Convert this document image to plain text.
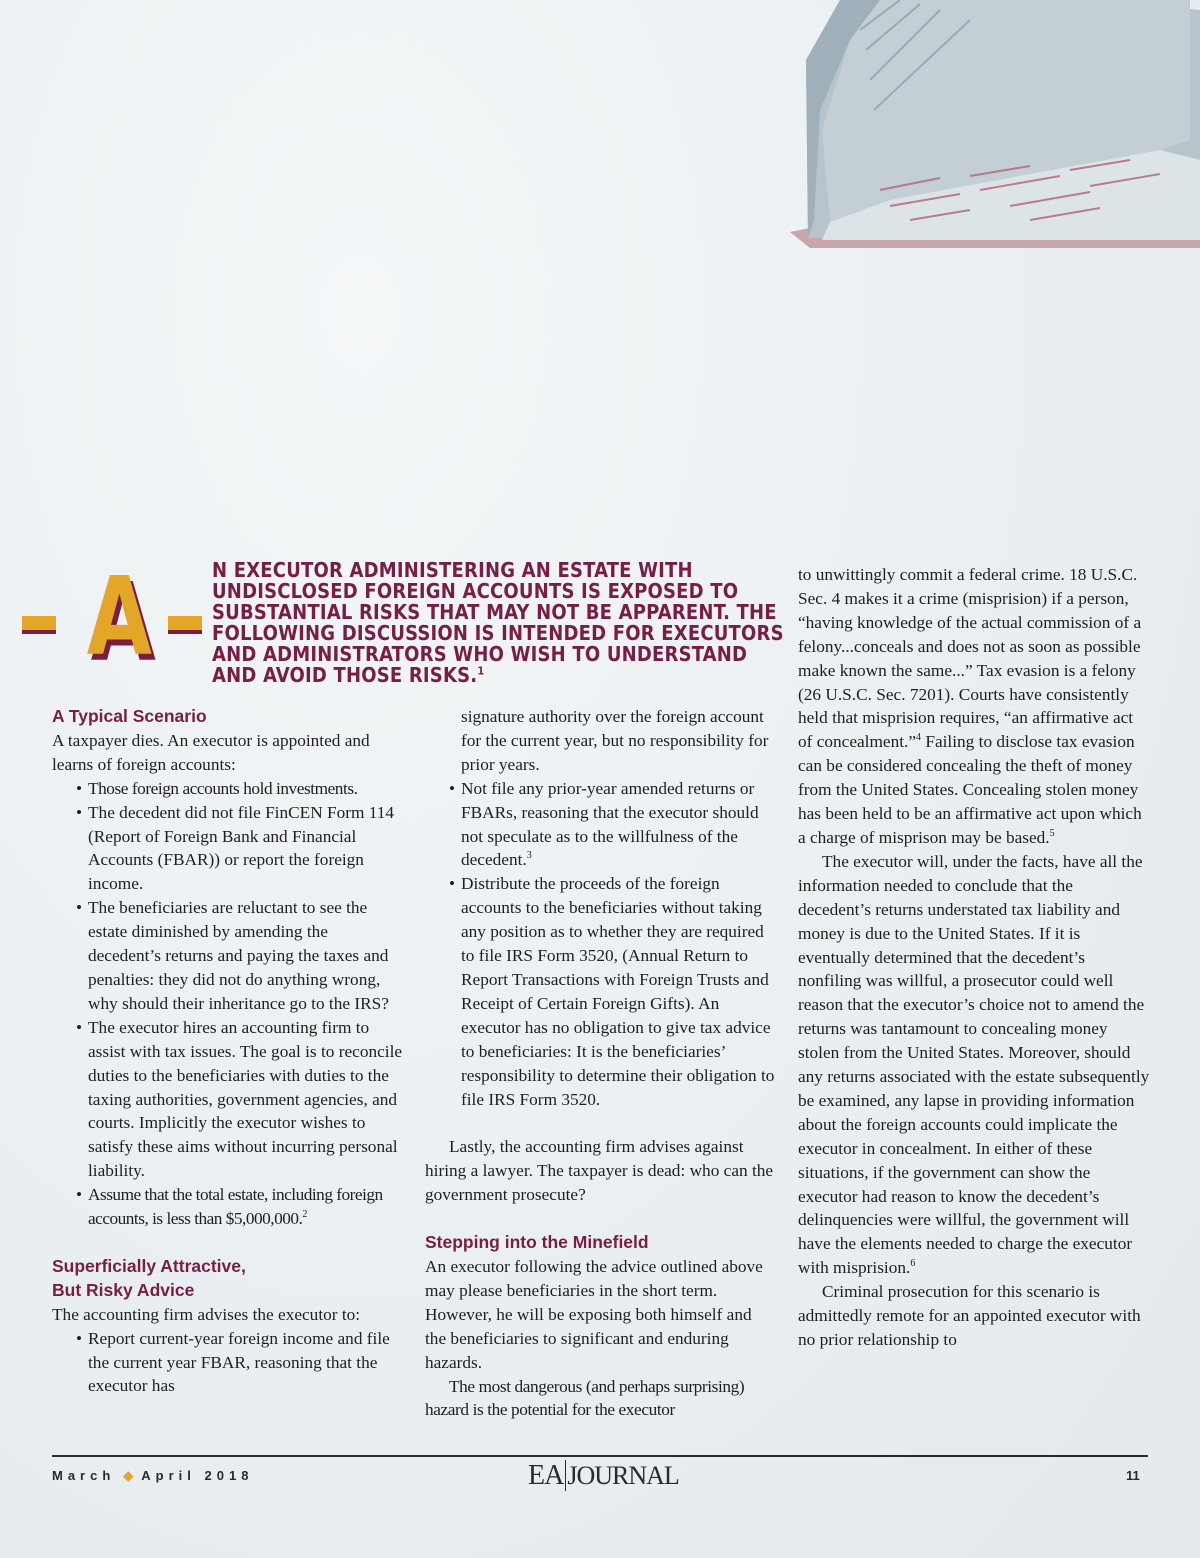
A	N EXECUTOR ADMINISTERING AN ESTATE WITH UNDISCLOSED FOREIGN ACCOUNTS IS EXPOSED TO SUBSTANTIAL RISKS THAT MAY NOT BE APPARENT. THE FOLLOWING DISCUSSION IS INTENDED FOR EXECUTORS AND ADMINISTRATORS WHO WISH TO UNDERSTAND AND AVOID THOSE RISKS.$^1$
A Typical Scenario

A taxpayer dies. An executor is appointed and learns of foreign accounts:

• Those foreign accounts hold investments.
• The decedent did not file FinCEN Form 114 (Report of Foreign Bank and Financial Accounts (FBAR)) or report the foreign income.
• The beneficiaries are reluctant to see the estate diminished by amending the decedent’s returns and paying the taxes and penalties: they did not do anything wrong, why should their inheritance go to the IRS?
• The executor hires an accounting firm to assist with tax issues. The goal is to reconcile duties to the beneficiaries with duties to the taxing authorities, government agencies, and courts. Implicitly the executor wishes to satisfy these aims without incurring personal liability.
• Assume that the total estate, including foreign accounts, is less than $5,000,000.$^2$
Superficially Attractive,
But Risky Advice

The accounting firm advises the executor to:

• Report current-year foreign income and file the current year FBAR, reasoning that the executor has
signature authority over the foreign account for the current year, but no responsibility for prior years.
• Not file any prior-year amended returns or FBARs, reasoning that the executor should not speculate as to the willfulness of the decedent.$^3$
• Distribute the proceeds of the foreign accounts to the beneficiaries without taking any position as to whether they are required to file IRS Form 3520, (Annual Return to Report Transactions with Foreign Trusts and Receipt of Certain Foreign Gifts). An executor has no obligation to give tax advice to beneficiaries: It is the beneficiaries’ responsibility to determine their obligation to file IRS Form 3520.

Lastly, the accounting firm advises against hiring a lawyer. The taxpayer is dead: who can the government prosecute?

Stepping into the Minefield

An executor following the advice outlined above may please beneficiaries in the short term. However, he will be exposing both himself and the beneficiaries to significant and enduring hazards.

The most dangerous (and perhaps surprising) hazard is the potential for the executor

to unwittingly commit a federal crime. 18 U.S.C. Sec. 4 makes it a crime (misprision) if a person, “having knowledge of the actual commission of a felony...conceals and does not as soon as possible make known the same...” Tax evasion is a felony (26 U.S.C. Sec. 7201). Courts have consistently held that misprision requires, “an affirmative act of concealment.”$^4$ Failing to disclose tax evasion can be considered concealing the theft of money from the United States. Concealing stolen money has been held to be an affirmative act upon which a charge of misprison may be based.$^5$

The executor will, under the facts, have all the information needed to conclude that the decedent’s returns understated tax liability and money is due to the United States. If it is eventually determined that the decedent’s nonfiling was willful, a prosecutor could well reason that the executor’s choice not to amend the returns was tantamount to concealing money stolen from the United States. Moreover, should any returns associated with the estate subsequently be examined, any lapse in providing information about the foreign accounts could implicate the executor in concealment. In either of these situations, if the government can show the executor had reason to know the decedent’s delinquencies were willful, the government will have the elements needed to charge the executor with misprision.$^6$

Criminal prosecution for this scenario is admittedly remote for an appointed executor with no prior relationship to

March ◆ April 2018	EA JOURNAL	11
